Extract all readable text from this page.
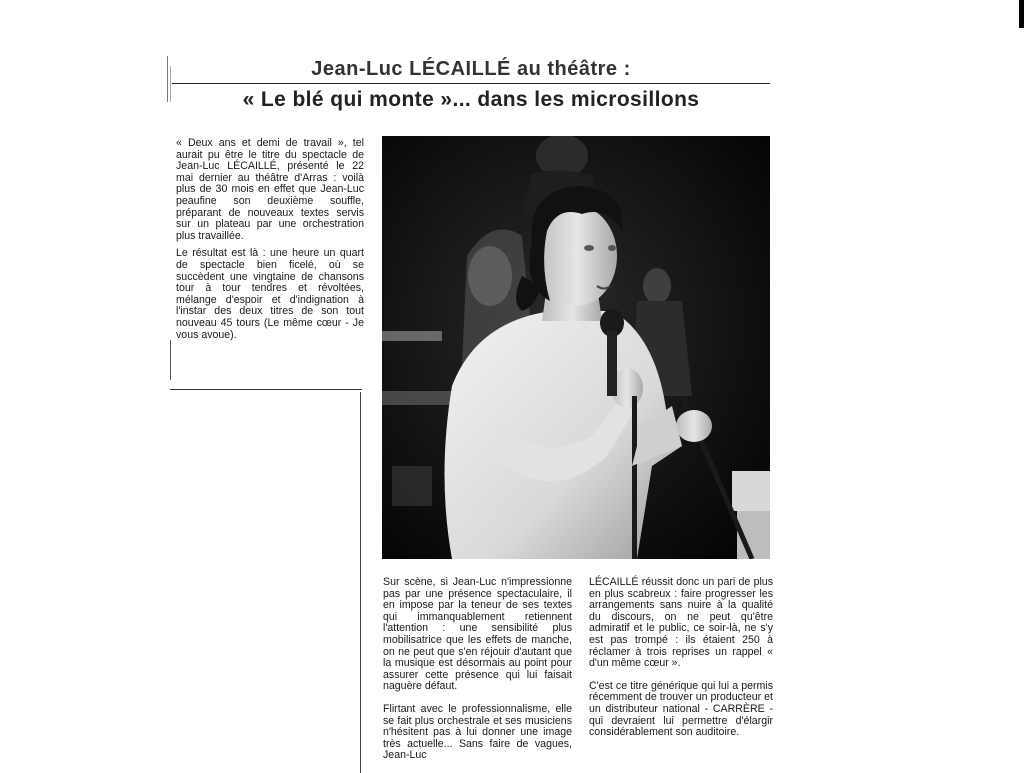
Jean-Luc LÉCAILLÉ au théâtre :
« Le blé qui monte »... dans les microsillons

« Deux ans et demi de travail », tel aurait pu être le titre du spectacle de Jean-Luc LÉCAILLÉ, présenté le 22 mai dernier au théâtre d'Arras : voilà plus de 30 mois en effet que Jean-Luc peaufine son deuxième souffle, préparant de nouveaux textes servis sur un plateau par une orchestration plus travaillée.

Le résultat est là : une heure un quart de spectacle bien ficelé, où se succèdent une vingtaine de chansons tour à tour tendres et révoltées, mélange d'espoir et d'indignation à l'instar des deux titres de son tout nouveau 45 tours (Le même cœur - Je vous avoue).

Sur scène, si Jean-Luc n'impressionne pas par une présence spectaculaire, il en impose par la teneur de ses textes qui immanquablement retiennent l'attention : une sensibilité plus mobilisatrice que les effets de manche, on ne peut que s'en réjouir d'autant que la musique est désormais au point pour assurer cette présence qui lui faisait naguère défaut.

Flirtant avec le professionnalisme, elle se fait plus orchestrale et ses musiciens n'hésitent pas à lui donner une image très actuelle... Sans faire de vagues, Jean-Luc

LÉCAILLÉ réussit donc un pari de plus en plus scabreux : faire progresser les arrangements sans nuire à la qualité du discours, on ne peut qu'être admiratif et le public, ce soir-là, ne s'y est pas trompé : ils étaient 250 à réclamer à trois reprises un rappel « d'un même cœur ».

C'est ce titre générique qui lui a permis récemment de trouver un producteur et un distributeur national - CARRÈRE - qui devraient lui permettre d'élargir considérablement son auditoire.
